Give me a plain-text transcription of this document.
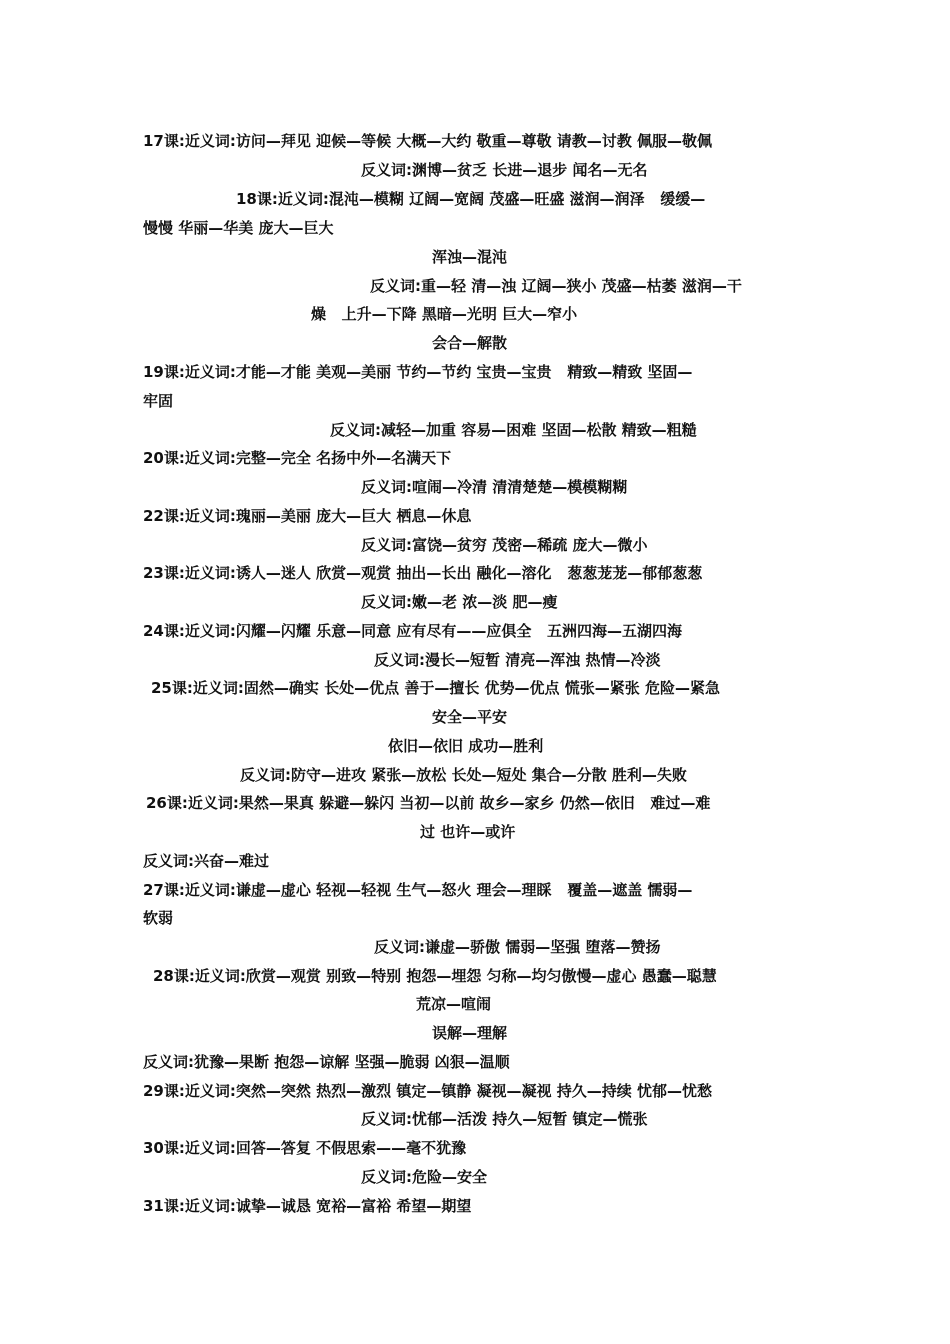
17课:近义词:访问—拜见 迎候—等候 大概—大约 敬重—尊敬 请教—讨教 佩服—敬佩
反义词:渊博—贫乏 长进—退步 闻名—无名
18课:近义词:混沌—模糊 辽阔—宽阔 茂盛—旺盛 滋润—润泽   缓缓—
慢慢 华丽—华美 庞大—巨大
浑浊—混沌
反义词:重—轻 清—浊 辽阔—狭小 茂盛—枯萎 滋润—干
燥   上升—下降 黑暗—光明 巨大—窄小
会合—解散
19课:近义词:才能—才能 美观—美丽 节约—节约 宝贵—宝贵   精致—精致 坚固—
牢固
反义词:减轻—加重 容易—困难 坚固—松散 精致—粗糙
20课:近义词:完整—完全 名扬中外—名满天下
反义词:喧闹—冷清 清清楚楚—模模糊糊
22课:近义词:瑰丽—美丽 庞大—巨大 栖息—休息
反义词:富饶—贫穷 茂密—稀疏 庞大—微小
23课:近义词:诱人—迷人 欣赏—观赏 抽出—长出 融化—溶化   葱葱茏茏—郁郁葱葱
反义词:嫩—老 浓—淡 肥—瘦
24课:近义词:闪耀—闪耀 乐意—同意 应有尽有——应俱全   五洲四海—五湖四海
反义词:漫长—短暂 清亮—浑浊 热情—冷淡
25课:近义词:固然—确实 长处—优点 善于—擅长 优势—优点 慌张—紧张 危险—紧急
安全—平安
依旧—依旧 成功—胜利
反义词:防守—进攻 紧张—放松 长处—短处 集合—分散 胜利—失败
26课:近义词:果然—果真 躲避—躲闪 当初—以前 故乡—家乡 仍然—依旧   难过—难
过 也许—或许
反义词:兴奋—难过
27课:近义词:谦虚—虚心 轻视—轻视 生气—怒火 理会—理睬   覆盖—遮盖 懦弱—
软弱
反义词:谦虚—骄傲 懦弱—坚强 堕落—赞扬
28课:近义词:欣赏—观赏 别致—特别 抱怨—埋怨 匀称—均匀傲慢—虚心 愚蠢—聪慧
荒凉—喧闹
误解—理解
反义词:犹豫—果断 抱怨—谅解 坚强—脆弱 凶狠—温顺
29课:近义词:突然—突然 热烈—激烈 镇定—镇静 凝视—凝视 持久—持续 忧郁—忧愁
反义词:忧郁—活泼 持久—短暂 镇定—慌张
30课:近义词:回答—答复 不假思索——毫不犹豫
反义词:危险—安全
31课:近义词:诚挚—诚恳 宽裕—富裕 希望—期望
